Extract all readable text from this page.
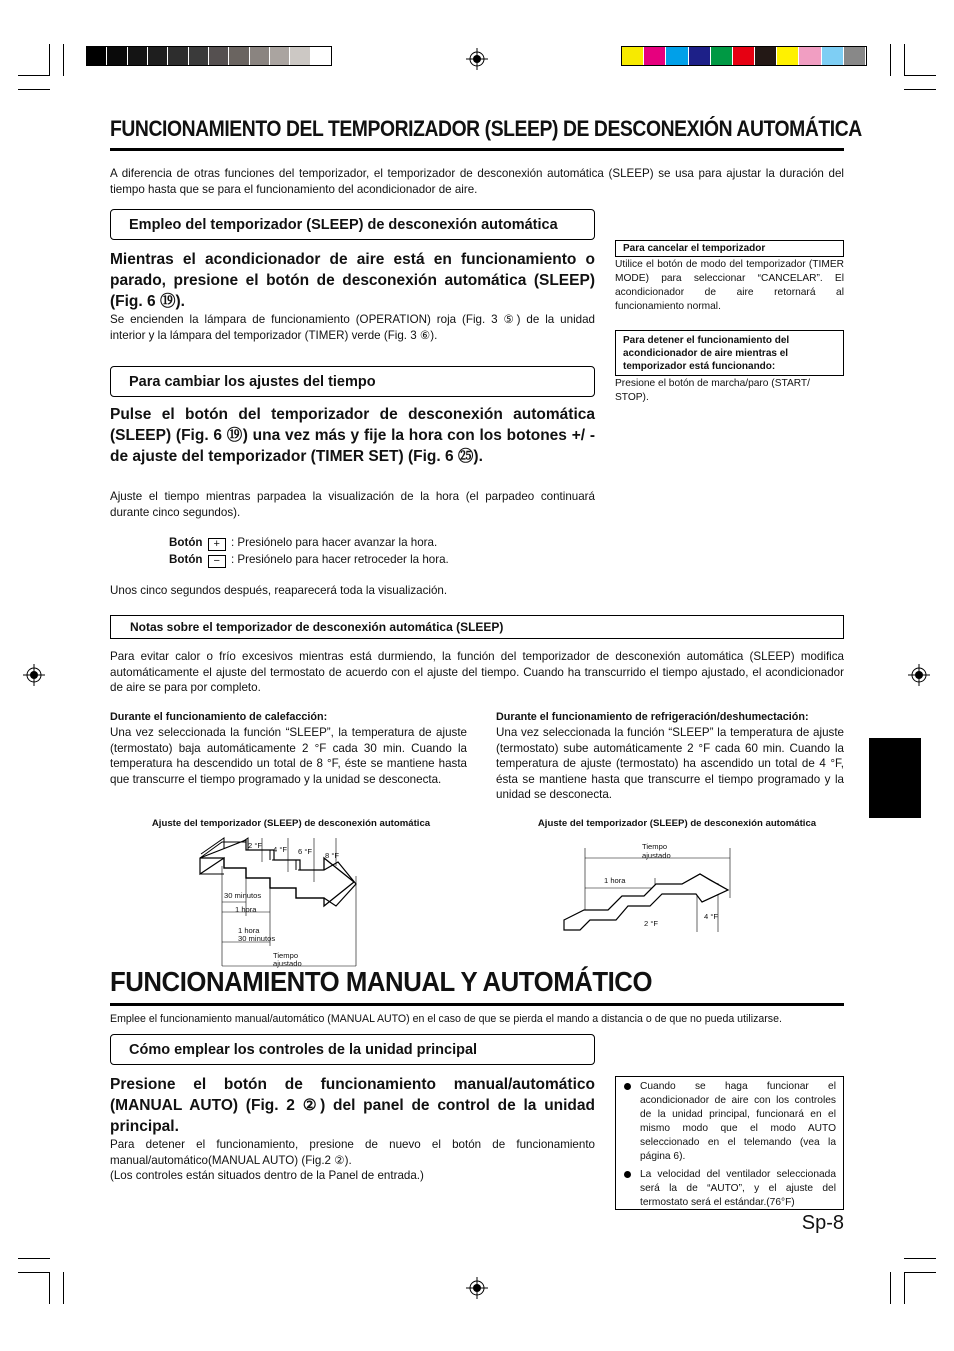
FUNCIONAMIENTO DEL TEMPORIZADOR (SLEEP) DE DESCONEXIÓN AUTOMÁTICA
A diferencia de otras funciones del temporizador, el temporizador de desconexión automática (SLEEP) se usa para ajustar la duración del tiempo hasta que se para el funcionamiento del acondicionador de aire.
Empleo del temporizador (SLEEP) de desconexión automática
Mientras el acondicionador de aire está en funcionamiento o parado, presione el botón de desconexión automática (SLEEP) (Fig. 6 ⑲).
Se encienden la lámpara de funcionamiento (OPERATION) roja (Fig. 3 ⑤) de la unidad interior y la lámpara del temporizador (TIMER) verde (Fig. 3 ⑥).
Para cancelar el temporizador
Utilice el botón de modo del temporizador (TIMER MODE) para seleccionar “CANCELAR”. El acondicionador de aire retornará al funcionamiento normal.
Para detener el funcionamiento del acondicionador de aire mientras el temporizador está funcionando:
Presione el botón de marcha/paro (START/ STOP).
Para cambiar los ajustes del tiempo
Pulse el botón del temporizador de desconexión automática (SLEEP) (Fig. 6 ⑲) una vez más y fije la hora con los botones +/ - de ajuste del temporizador (TIMER SET) (Fig. 6 ㉕).
Ajuste el tiempo mientras parpadea la visualización de la hora (el parpadeo continuará durante cinco segundos).
Botón + : Presiónelo para hacer avanzar la hora.
Botón − : Presiónelo para hacer retroceder la hora.
Unos cinco segundos después, reaparecerá toda la visualización.
Notas sobre el temporizador de desconexión automática (SLEEP)
Para evitar calor o frío excesivos mientras está durmiendo, la función del temporizador de desconexión automática (SLEEP) modifica automáticamente el ajuste del termostato de acuerdo con el ajuste del tiempo. Cuando ha transcurrido el tiempo ajustado, el acondicionador de aire se para por completo.
Durante el funcionamiento de calefacción:
Una vez seleccionada la función “SLEEP”, la temperatura de ajuste (termostato) baja automáticamente 2 °F cada 30 min. Cuando la temperatura ha descendido un total de 8 °F, éste se mantiene hasta que transcurre el tiempo programado y la unidad se desconecta.
Durante el funcionamiento de refrigeración/deshumectación:
Una vez seleccionada la función “SLEEP” la temperatura de ajuste (termostato) sube automáticamente 2 °F cada 60 min. Cuando la temperatura de ajuste (termostato) ha ascendido un total de 4 °F, ésta se mantiene hasta que transcurre el tiempo programado y la unidad se desconecta.
Ajuste del temporizador (SLEEP) de desconexión automática
2 °F 4 °F 6 °F 8 °F
30 minutos
1 hora
1 hora
30 minutos
Tiempo
ajustado
Ajuste del temporizador (SLEEP) de desconexión automática
Tiempo
ajustado
1 hora
4 °F
2 °F
FUNCIONAMIENTO MANUAL Y AUTOMÁTICO
Emplee el funcionamiento manual/automático (MANUAL AUTO) en el caso de que se pierda el mando a distancia o de que no pueda utilizarse.
Cómo emplear los controles de la unidad principal
Presione el botón de funcionamiento manual/automático (MANUAL AUTO) (Fig. 2 ②) del panel de control de la unidad principal.
Para detener el funcionamiento, presione de nuevo el botón de funcionamiento manual/automático(MANUAL AUTO) (Fig.2 ②).
(Los controles están situados dentro de la Panel de entrada.)
Cuando se haga funcionar el acondicionador de aire con los controles de la unidad principal, funcionará en el mismo modo que el modo AUTO seleccionado en el telemando (vea la página 6).
La velocidad del ventilador seleccionada será la de “AUTO”, y el ajuste del termostato será el estándar.(76°F)
Sp-8
